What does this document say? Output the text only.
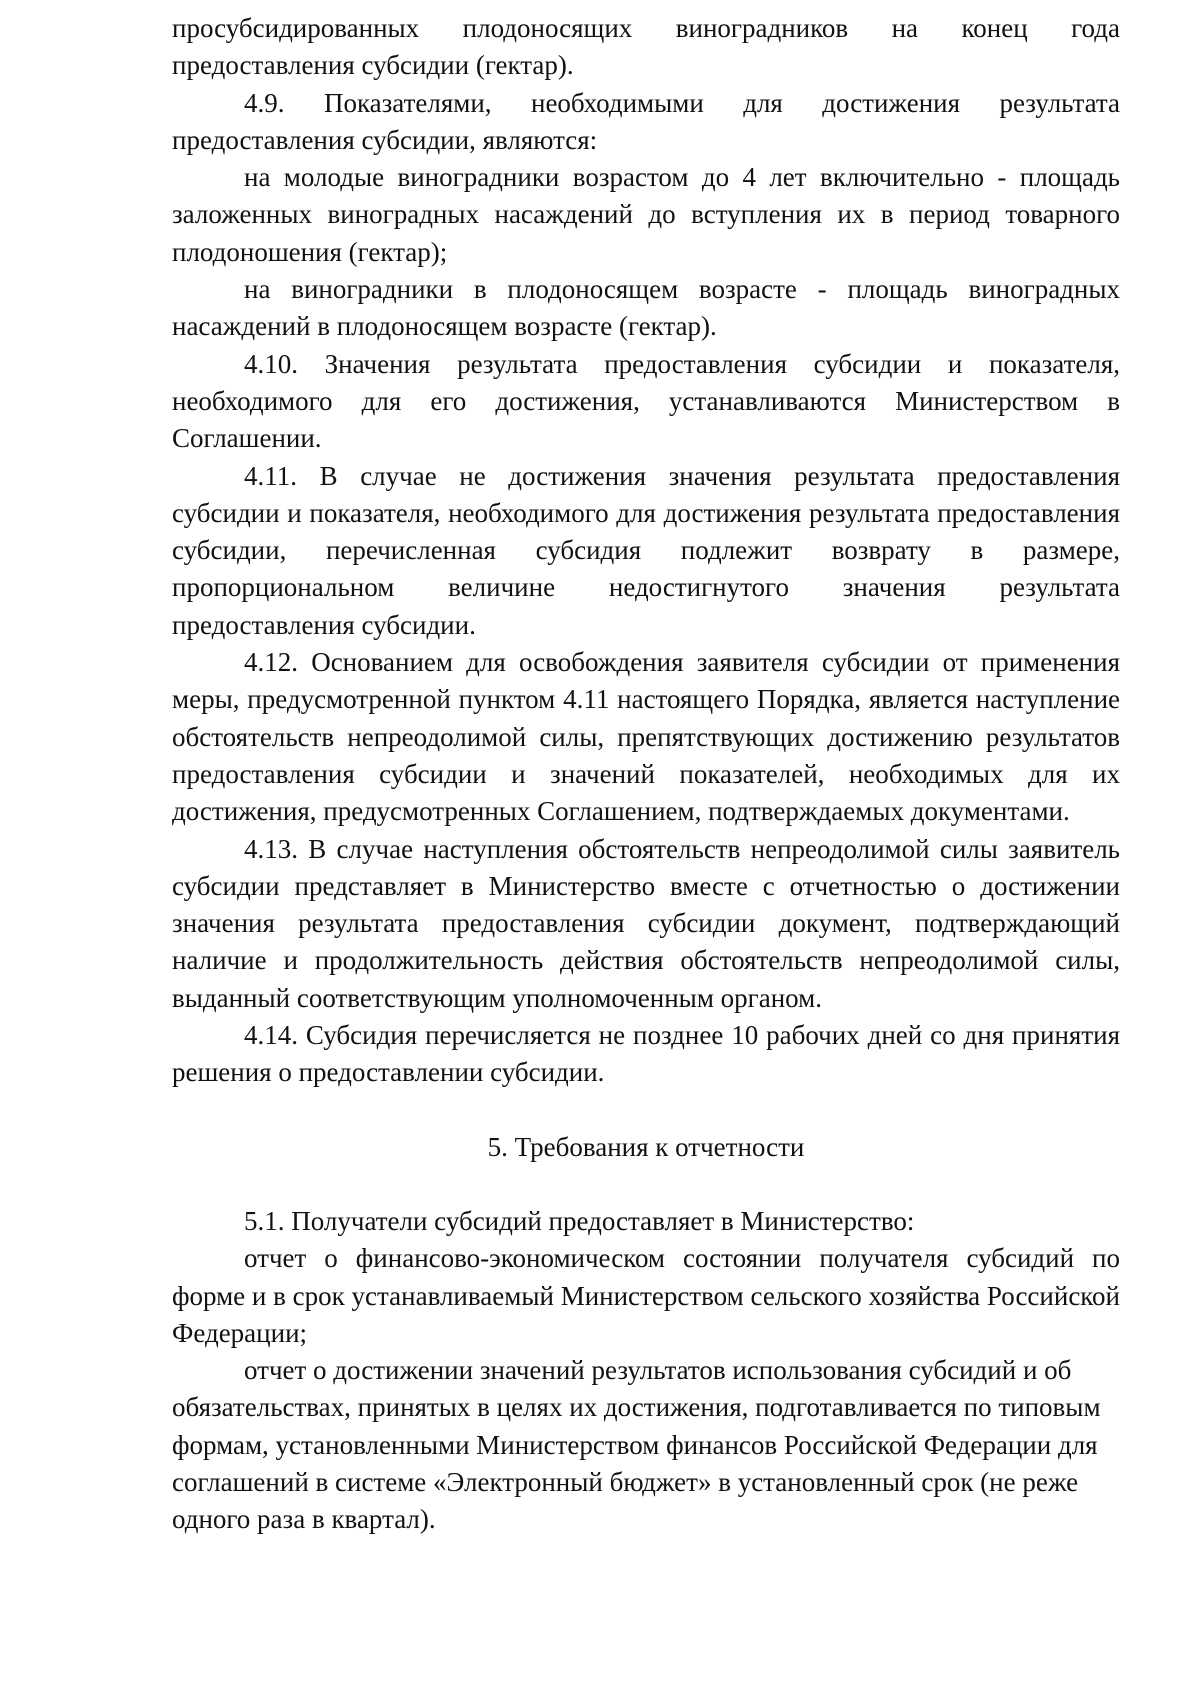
просубсидированных плодоносящих виноградников на конец года предоставления субсидии (гектар).

4.9. Показателями, необходимыми для достижения результата предоставления субсидии, являются:

на молодые виноградники возрастом до 4 лет включительно - площадь заложенных виноградных насаждений до вступления их в период товарного плодоношения (гектар);

на виноградники в плодоносящем возрасте - площадь виноградных насаждений в плодоносящем возрасте (гектар).

4.10. Значения результата предоставления субсидии и показателя, необходимого для его достижения, устанавливаются Министерством в Соглашении.

4.11. В случае не достижения значения результата предоставления субсидии и показателя, необходимого для достижения результата предоставления субсидии, перечисленная субсидия подлежит возврату в размере, пропорциональном величине недостигнутого значения результата предоставления субсидии.

4.12. Основанием для освобождения заявителя субсидии от применения меры, предусмотренной пунктом 4.11 настоящего Порядка, является наступление обстоятельств непреодолимой силы, препятствующих достижению результатов предоставления субсидии и значений показателей, необходимых для их достижения, предусмотренных Соглашением, подтверждаемых документами.

4.13. В случае наступления обстоятельств непреодолимой силы заявитель субсидии представляет в Министерство вместе с отчетностью о достижении значения результата предоставления субсидии документ, подтверждающий наличие и продолжительность действия обстоятельств непреодолимой силы, выданный соответствующим уполномоченным органом.

4.14. Субсидия перечисляется не позднее 10 рабочих дней со дня принятия решения о предоставлении субсидии.

5. Требования к отчетности

5.1. Получатели субсидий предоставляет в Министерство:

отчет о финансово-экономическом состоянии получателя субсидий по форме и в срок устанавливаемый Министерством сельского хозяйства Российской Федерации;

отчет о достижении значений результатов использования субсидий и об обязательствах, принятых в целях их достижения, подготавливается по типовым формам, установленными Министерством финансов Российской Федерации для соглашений в системе «Электронный бюджет» в установленный срок (не реже одного раза в квартал).
